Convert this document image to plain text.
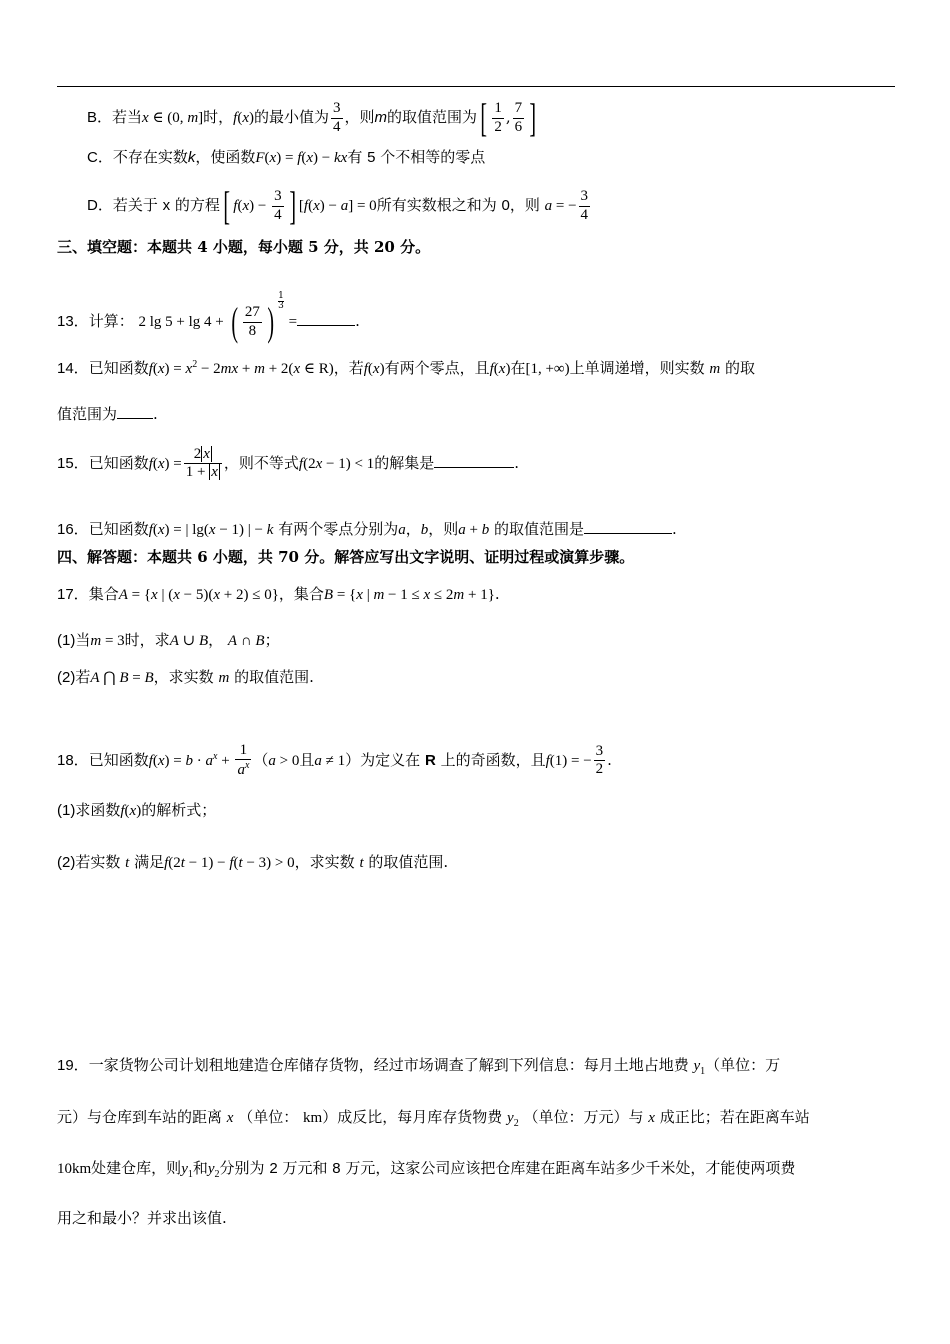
B．若当x ∈ (0, m]时，f(x)的最小值为 $\frac{3}{4}$ ，则m的取值范围为[ $\frac{1}{2}$ , $\frac{7}{6}$ ]
C．不存在实数k，使函数F(x) = f(x) − kx有 5 个不相等的零点
D．若关于 x 的方程[ $f(x) - \frac{3}{4}$ ] [f(x) − a] = 0所有实数根之和为 0，则 a = − $\frac{3}{4}$
三、填空题：本题共 4 小题，每小题 5 分，共 20 分。
13．计算： 2 lg 5 + lg 4 + ( $\frac{27}{8}$ ) $\frac{1}{3}$
=	.
14．已知函数$f(x) = x^2 - 2mx + m + 2(x$ ∈ R)，若f(x)有两个零点，且f(x)在[1, +∞)上单调递增，则实数 m 的取
值范围为 .
15．已知函数$f(x) = \frac{2 x}{1 + x}$ ，则不等式f(2x − 1) < 1的解集是	.
16．已知函数f(x) = | lg(x − 1) | − k 有两个零点分别为a，b，则a + b 的取值范围是	.
四、解答题：本题共 6 小题，共 70 分。解答应写出文字说明、证明过程或演算步骤。
17．集合A = {x | (x − 5)(x + 2) ≤ 0}，集合B = {x | m − 1 ≤ x ≤ 2m + 1}.
(1)当m = 3时，求A ∪ B， A ∩ B；
(2)若A ⋂ B = B，求实数 m 的取值范围.
18．已知函数$f(x) = b \cdot a^x + \frac{1}{a^x} (a > 0$且a ≠ 1）为定义在 R 上的奇函数，且f(1) = − $\frac{3}{2}$ .
(1)求函数f(x)的解析式；
(2)若实数 t 满足f(2t − 1) − f(t − 3) > 0，求实数 t 的取值范围.
19．一家货物公司计划租地建造仓库储存货物，经过市场调查了解到下列信息：每月土地占地费 $y_1$（单位：万
元）与仓库到车站的距离 x （单位： km）成反比，每月库存货物费 $y_2$ （单位：万元）与 x 成正比；若在距离车站
10km处建仓库，则$y_1$和$y_2$分别为 2 万元和 8 万元，这家公司应该把仓库建在距离车站多少千米处，才能使两项费
用之和最小？并求出该值.
